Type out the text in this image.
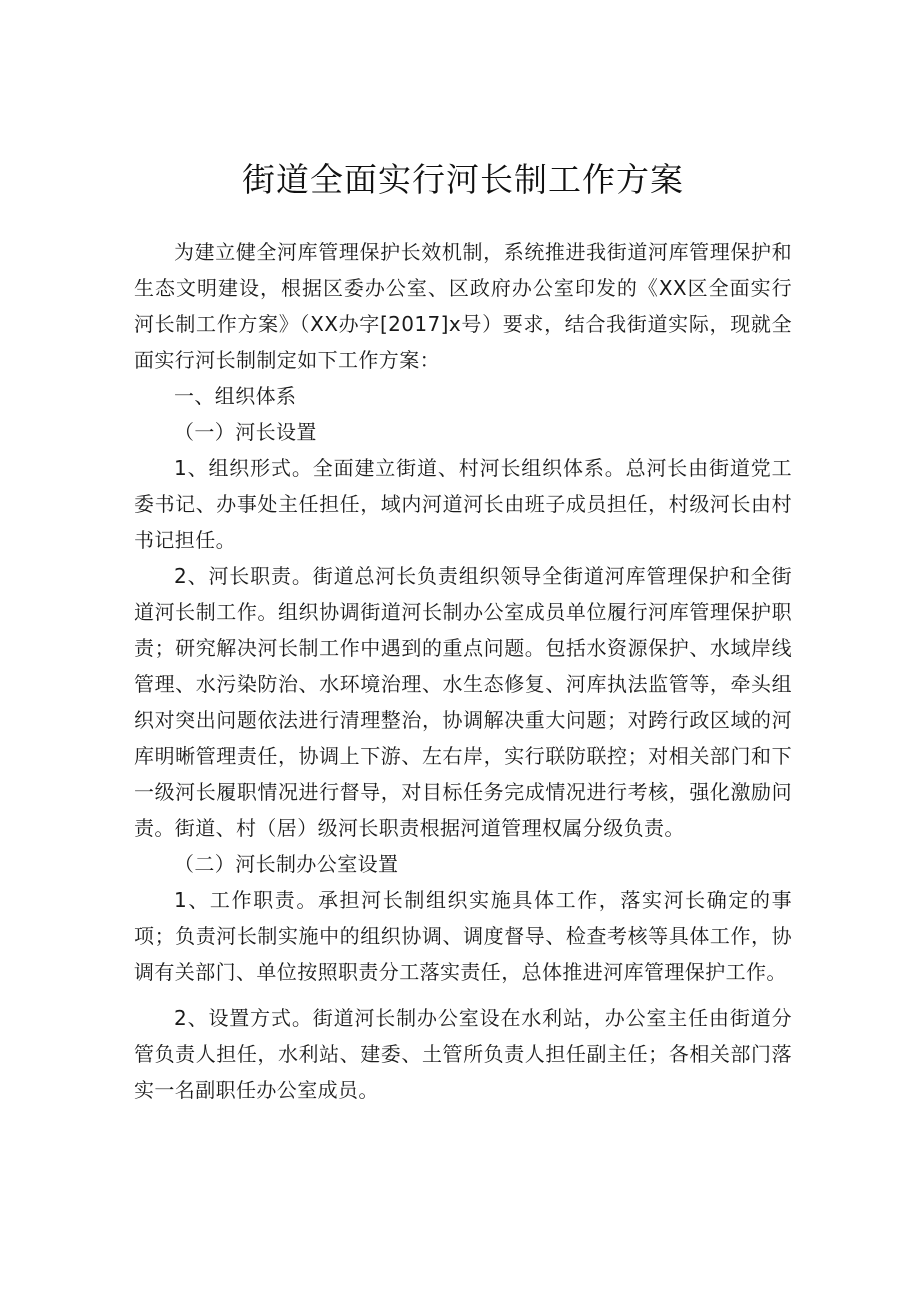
街道全面实行河长制工作方案

为建立健全河库管理保护长效机制，系统推进我街道河库管理保护和生态文明建设，根据区委办公室、区政府办公室印发的《XX区全面实行河长制工作方案》（XX办字[2017]x号）要求，结合我街道实际，现就全面实行河长制制定如下工作方案：

一、组织体系

（一）河长设置

1、组织形式。全面建立街道、村河长组织体系。总河长由街道党工委书记、办事处主任担任，域内河道河长由班子成员担任，村级河长由村书记担任。

2、河长职责。街道总河长负责组织领导全街道河库管理保护和全街道河长制工作。组织协调街道河长制办公室成员单位履行河库管理保护职责；研究解决河长制工作中遇到的重点问题。包括水资源保护、水域岸线管理、水污染防治、水环境治理、水生态修复、河库执法监管等，牵头组织对突出问题依法进行清理整治，协调解决重大问题；对跨行政区域的河库明晰管理责任，协调上下游、左右岸，实行联防联控；对相关部门和下一级河长履职情况进行督导，对目标任务完成情况进行考核，强化激励问责。街道、村（居）级河长职责根据河道管理权属分级负责。

（二）河长制办公室设置

1、工作职责。承担河长制组织实施具体工作，落实河长确定的事项；负责河长制实施中的组织协调、调度督导、检查考核等具体工作，协调有关部门、单位按照职责分工落实责任，总体推进河库管理保护工作。

2、设置方式。街道河长制办公室设在水利站，办公室主任由街道分管负责人担任，水利站、建委、土管所负责人担任副主任；各相关部门落实一名副职任办公室成员。
